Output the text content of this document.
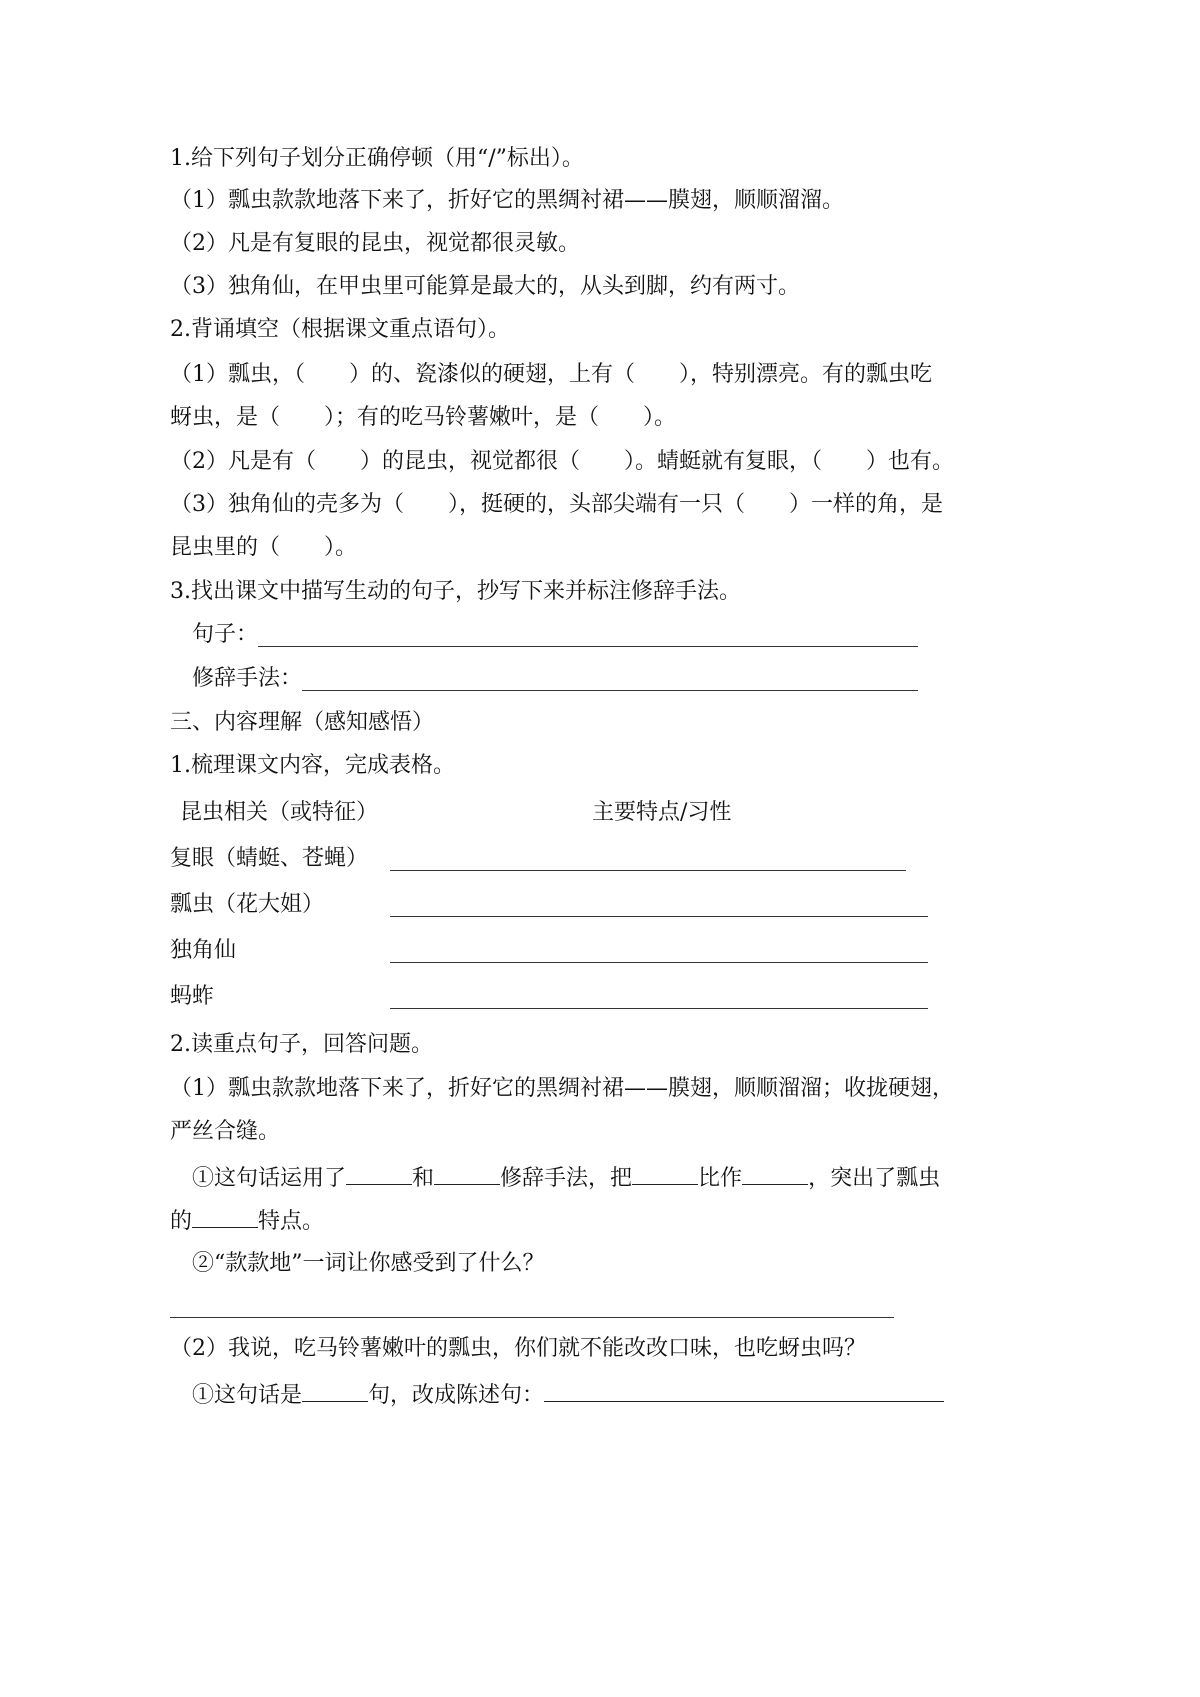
1.给下列句子划分正确停顿（用“/”标出）。
（1）瓢虫款款地落下来了，折好它的黑绸衬裙——膜翅，顺顺溜溜。
（2）凡是有复眼的昆虫，视觉都很灵敏。
（3）独角仙，在甲虫里可能算是最大的，从头到脚，约有两寸。
2.背诵填空（根据课文重点语句）。
（1）瓢虫，（ ）的、瓷漆似的硬翅，上有（ ），特别漂亮。有的瓢虫吃
蚜虫，是（ ）；有的吃马铃薯嫩叶，是（ ）。
（2）凡是有（ ）的昆虫，视觉都很（ ）。蜻蜓就有复眼，（ ）也有。
（3）独角仙的壳多为（ ），挺硬的，头部尖端有一只（ ）一样的角，是
昆虫里的（ ）。
3.找出课文中描写生动的句子，抄写下来并标注修辞手法。
句子：
修辞手法：
三、内容理解（感知感悟）
1.梳理课文内容，完成表格。
昆虫相关（或特征）	主要特点/习性
复眼（蜻蜓、苍蝇）
瓢虫（花大姐）
独角仙
蚂蚱
2.读重点句子，回答问题。
（1）瓢虫款款地落下来了，折好它的黑绸衬裙——膜翅，顺顺溜溜；收拢硬翅，
严丝合缝。
①这句话运用了	和	修辞手法，把	比作	，突出了瓢虫
的	特点。
②“款款地”一词让你感受到了什么？
（2）我说，吃马铃薯嫩叶的瓢虫，你们就不能改改口味，也吃蚜虫吗？
①这句话是	句，改成陈述句：
